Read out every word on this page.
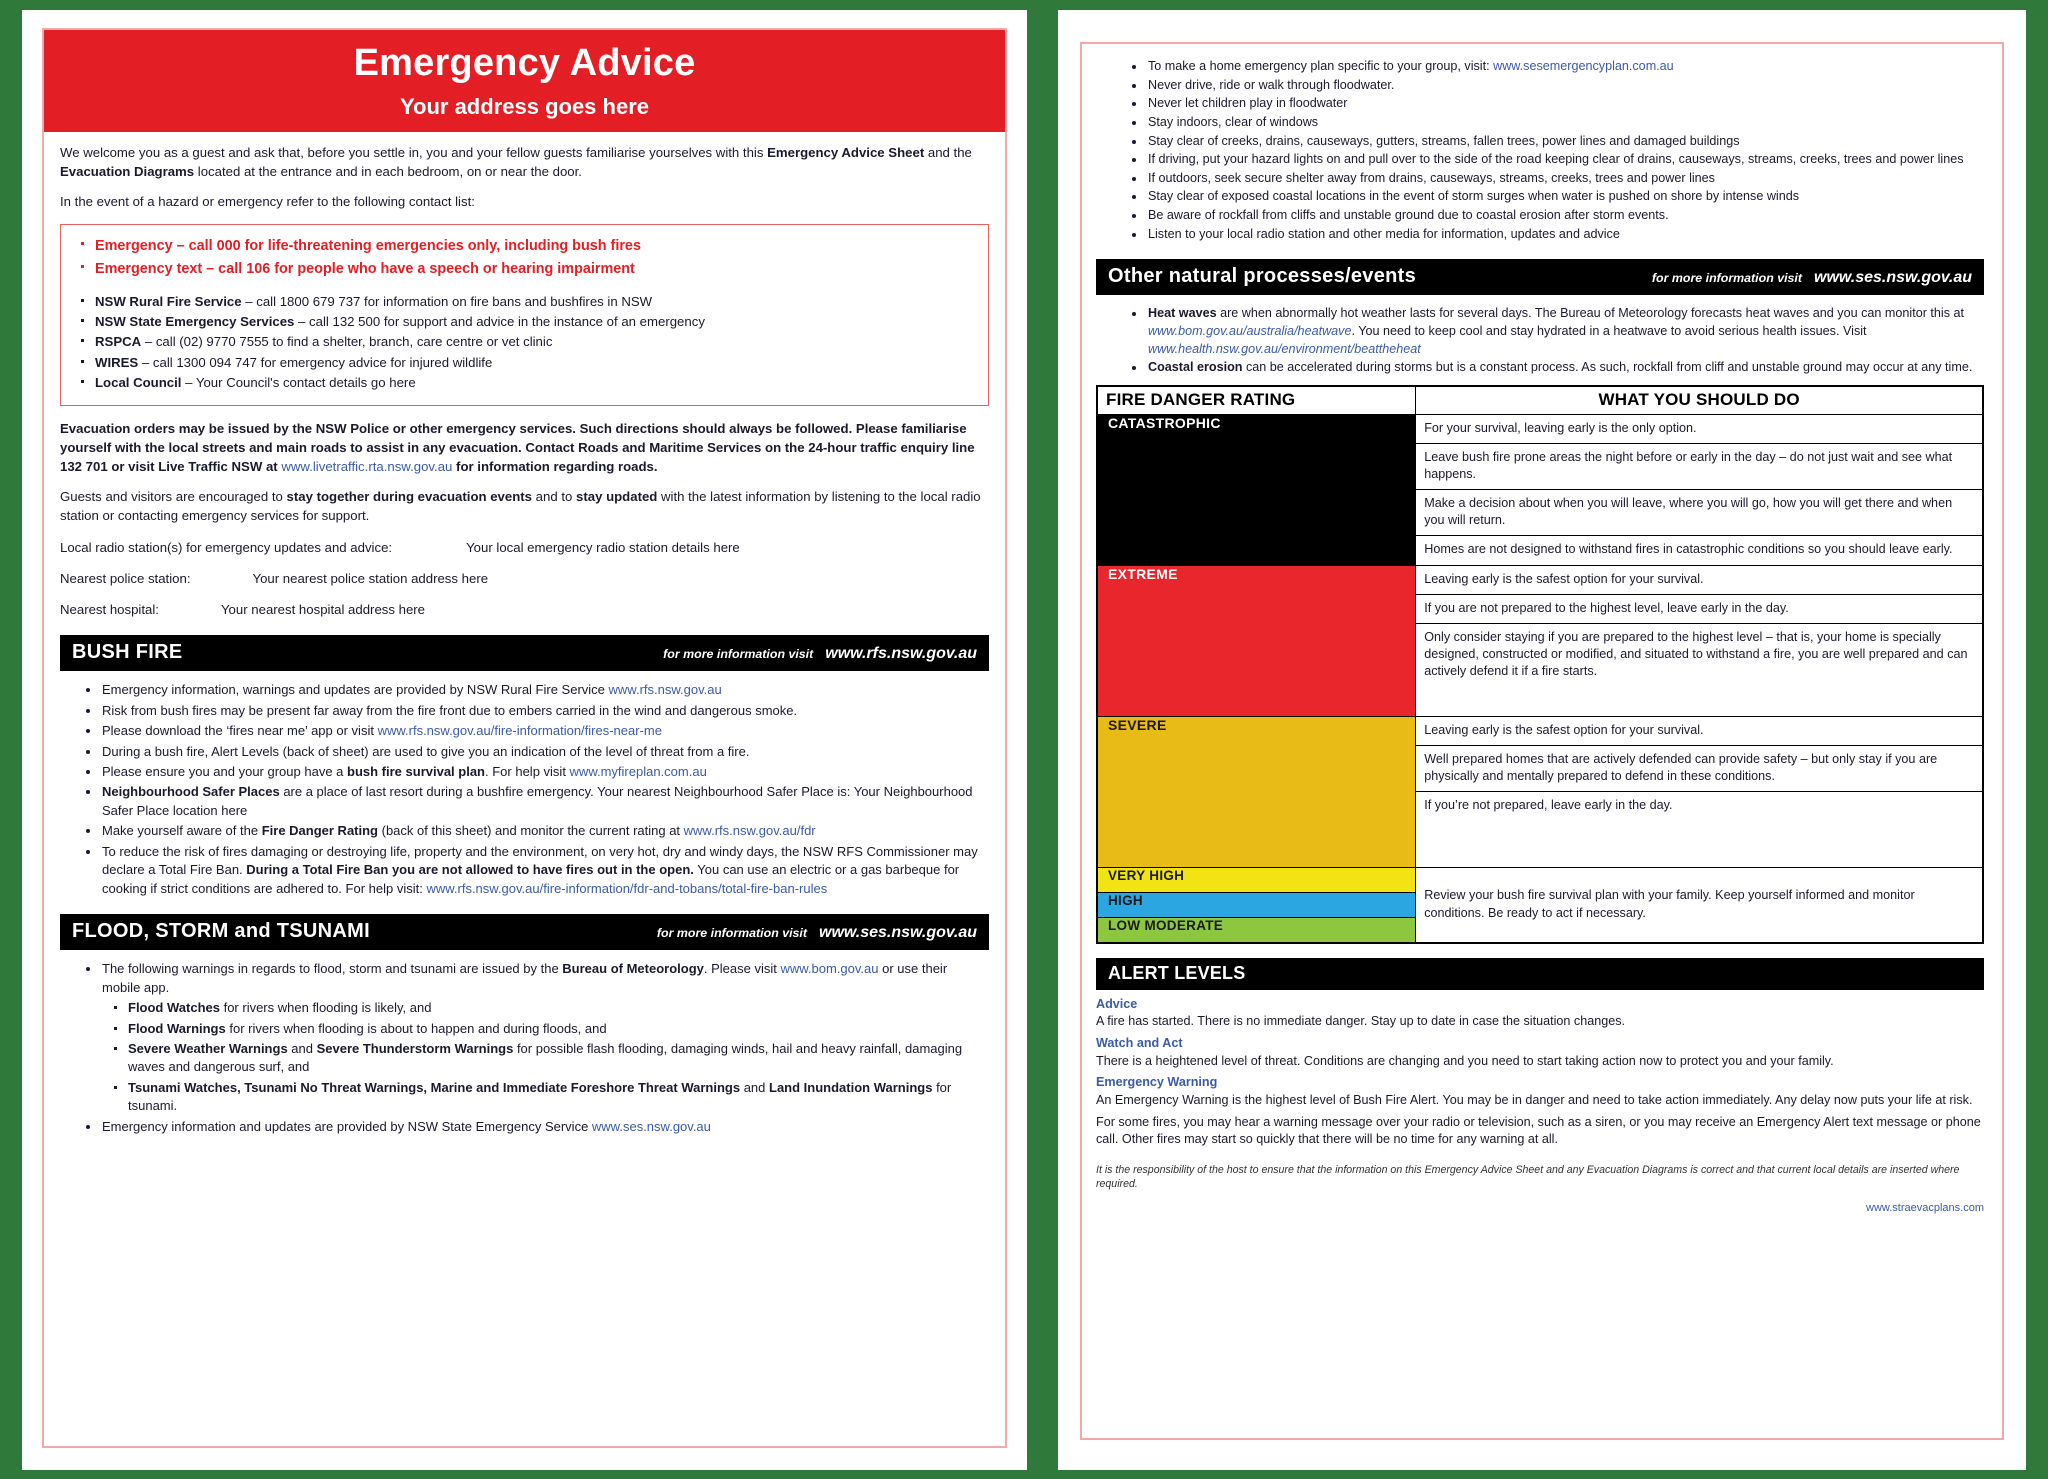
Emergency Advice
Your address goes here

We welcome you as a guest and ask that, before you settle in, you and your fellow guests familiarise yourselves with this Emergency Advice Sheet and the Evacuation Diagrams located at the entrance and in each bedroom, on or near the door.

In the event of a hazard or emergency refer to the following contact list:

Emergency – call 000 for life-threatening emergencies only, including bush fires
Emergency text – call 106 for people who have a speech or hearing impairment
NSW Rural Fire Service – call 1800 679 737 for information on fire bans and bushfires in NSW
NSW State Emergency Services – call 132 500 for support and advice in the instance of an emergency
RSPCA – call (02) 9770 7555 to find a shelter, branch, care centre or vet clinic
WIRES – call 1300 094 747 for emergency advice for injured wildlife
Local Council – Your Council's contact details go here

Evacuation orders may be issued by the NSW Police or other emergency services. Such directions should always be followed. Please familiarise yourself with the local streets and main roads to assist in any evacuation. Contact Roads and Maritime Services on the 24-hour traffic enquiry line 132 701 or visit Live Traffic NSW at www.livetraffic.rta.nsw.gov.au for information regarding roads.

Guests and visitors are encouraged to stay together during evacuation events and to stay updated with the latest information by listening to the local radio station or contacting emergency services for support.

Local radio station(s) for emergency updates and advice:	Your local emergency radio station details here

Nearest police station:	Your nearest police station address here

Nearest hospital:	Your nearest hospital address here

BUSH FIRE	for more information visit www.rfs.nsw.gov.au
Emergency information, warnings and updates are provided by NSW Rural Fire Service www.rfs.nsw.gov.au
Risk from bush fires may be present far away from the fire front due to embers carried in the wind and dangerous smoke.
Please download the ‘fires near me’ app or visit www.rfs.nsw.gov.au/fire-information/fires-near-me
During a bush fire, Alert Levels (back of sheet) are used to give you an indication of the level of threat from a fire.
Please ensure you and your group have a bush fire survival plan. For help visit www.myfireplan.com.au
Neighbourhood Safer Places are a place of last resort during a bushfire emergency. Your nearest Neighbourhood Safer Place is: Your Neighbourhood Safer Place location here
Make yourself aware of the Fire Danger Rating (back of this sheet) and monitor the current rating at www.rfs.nsw.gov.au/fdr
To reduce the risk of fires damaging or destroying life, property and the environment, on very hot, dry and windy days, the NSW RFS Commissioner may declare a Total Fire Ban. During a Total Fire Ban you are not allowed to have fires out in the open. You can use an electric or a gas barbeque for cooking if strict conditions are adhered to. For help visit: www.rfs.nsw.gov.au/fire-information/fdr-and-tobans/total-fire-ban-rules
FLOOD, STORM and TSUNAMI	for more information visit www.ses.nsw.gov.au
The following warnings in regards to flood, storm and tsunami are issued by the Bureau of Meteorology. Please visit www.bom.gov.au or use their mobile app.
Flood Watches for rivers when flooding is likely, and
Flood Warnings for rivers when flooding is about to happen and during floods, and
Severe Weather Warnings and Severe Thunderstorm Warnings for possible flash flooding, damaging winds, hail and heavy rainfall, damaging waves and dangerous surf, and
Tsunami Watches, Tsunami No Threat Warnings, Marine and Immediate Foreshore Threat Warnings and Land Inundation Warnings for tsunami.
Emergency information and updates are provided by NSW State Emergency Service www.ses.nsw.gov.au
To make a home emergency plan specific to your group, visit: www.sesemergencyplan.com.au
Never drive, ride or walk through floodwater.
Never let children play in floodwater
Stay indoors, clear of windows
Stay clear of creeks, drains, causeways, gutters, streams, fallen trees, power lines and damaged buildings
If driving, put your hazard lights on and pull over to the side of the road keeping clear of drains, causeways, streams, creeks, trees and power lines
If outdoors, seek secure shelter away from drains, causeways, streams, creeks, trees and power lines
Stay clear of exposed coastal locations in the event of storm surges when water is pushed on shore by intense winds
Be aware of rockfall from cliffs and unstable ground due to coastal erosion after storm events.
Listen to your local radio station and other media for information, updates and advice
Other natural processes/events	for more information visit www.ses.nsw.gov.au
Heat waves are when abnormally hot weather lasts for several days. The Bureau of Meteorology forecasts heat waves and you can monitor this at www.bom.gov.au/australia/heatwave. You need to keep cool and stay hydrated in a heatwave to avoid serious health issues. Visit www.health.nsw.gov.au/environment/beattheheat
Coastal erosion can be accelerated during storms but is a constant process. As such, rockfall from cliff and unstable ground may occur at any time.
FIRE DANGER RATING	WHAT YOU SHOULD DO
CATASTROPHIC	For your survival, leaving early is the only option.
Leave bush fire prone areas the night before or early in the day – do not just wait and see what happens.
Make a decision about when you will leave, where you will go, how you will get there and when you will return.
Homes are not designed to withstand fires in catastrophic conditions so you should leave early.

EXTREME	Leaving early is the safest option for your survival.
If you are not prepared to the highest level, leave early in the day.
Only consider staying if you are prepared to the highest level – that is, your home is specially designed, constructed or modified, and situated to withstand a fire, you are well prepared and can actively defend it if a fire starts.

SEVERE	Leaving early is the safest option for your survival.
Well prepared homes that are actively defended can provide safety – but only stay if you are physically and mentally prepared to defend in these conditions.
If you’re not prepared, leave early in the day.

VERY HIGH	Review your bush fire survival plan with your family. Keep yourself informed and monitor conditions. Be ready to act if necessary.
HIGH	
LOW MODERATE	
ALERT LEVELS

Advice
A fire has started. There is no immediate danger. Stay up to date in case the situation changes.

Watch and Act
There is a heightened level of threat. Conditions are changing and you need to start taking action now to protect you and your family.

Emergency Warning
An Emergency Warning is the highest level of Bush Fire Alert. You may be in danger and need to take action immediately. Any delay now puts your life at risk.

For some fires, you may hear a warning message over your radio or television, such as a siren, or you may receive an Emergency Alert text message or phone call. Other fires may start so quickly that there will be no time for any warning at all.

It is the responsibility of the host to ensure that the information on this Emergency Advice Sheet and any Evacuation Diagrams is correct and that current local details are inserted where required.
www.straevacplans.com
